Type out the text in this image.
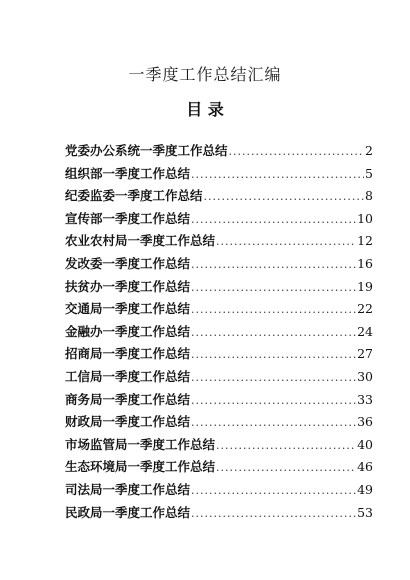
一季度工作总结汇编
目 录
党委办公系统一季度工作总结 .....	2
组织部一季度工作总结 .....	5
纪委监委一季度工作总结 .....	8
宣传部一季度工作总结 .....	10
农业农村局一季度工作总结 .....	12
发改委一季度工作总结 .....	16
扶贫办一季度工作总结 .....	19
交通局一季度工作总结 .....	22
金融办一季度工作总结 .....	24
招商局一季度工作总结 .....	27
工信局一季度工作总结 .....	30
商务局一季度工作总结 .....	33
财政局一季度工作总结 .....	36
市场监管局一季度工作总结 .....	40
生态环境局一季度工作总结 .....	46
司法局一季度工作总结 .....	49
民政局一季度工作总结 .....	53
